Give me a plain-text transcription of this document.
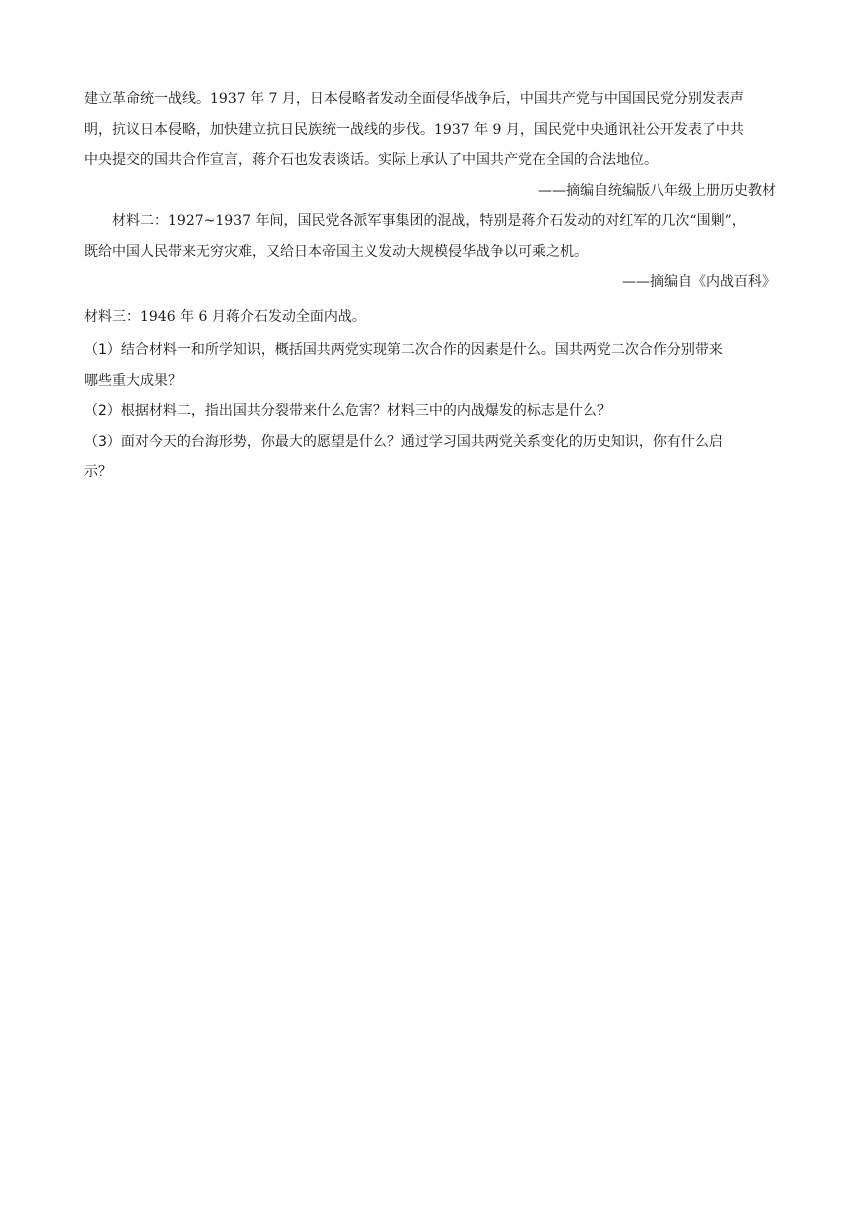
建立革命统一战线。1937 年 7 月，日本侵略者发动全面侵华战争后，中国共产党与中国国民党分别发表声

明，抗议日本侵略，加快建立抗日民族统一战线的步伐。1937 年 9 月，国民党中央通讯社公开发表了中共

中央提交的国共合作宣言，蒋介石也发表谈话。实际上承认了中国共产党在全国的合法地位。

——摘编自统编版八年级上册历史教材

材料二：1927~1937 年间，国民党各派军事集团的混战，特别是蒋介石发动的对红军的几次“围剿”，

既给中国人民带来无穷灾难，又给日本帝国主义发动大规模侵华战争以可乘之机。

——摘编自《内战百科》

材料三：1946 年 6 月蒋介石发动全面内战。

（1）结合材料一和所学知识，概括国共两党实现第二次合作的因素是什么。国共两党二次合作分别带来

哪些重大成果？

（2）根据材料二，指出国共分裂带来什么危害？材料三中的内战爆发的标志是什么？

（3）面对今天的台海形势，你最大的愿望是什么？通过学习国共两党关系变化的历史知识，你有什么启

示？
